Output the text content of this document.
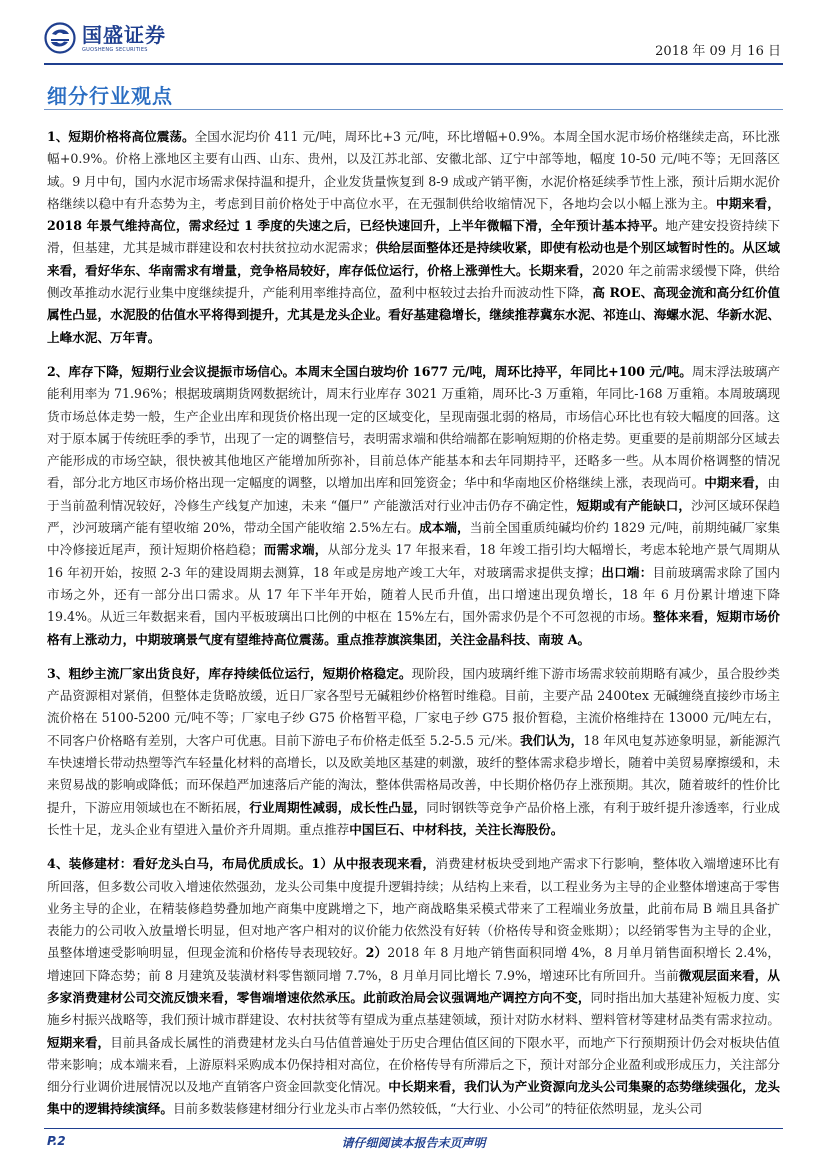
国盛证券
GUOSHENG SECURITIES	2018 年 09 月 16 日
细分行业观点

1、短期价格将高位震荡。全国水泥均价 411 元/吨，周环比+3 元/吨，环比增幅+0.9%。本周全国水泥市场价格继续走高，环比涨幅+0.9%。价格上涨地区主要有山西、山东、贵州，以及江苏北部、安徽北部、辽宁中部等地，幅度 10-50 元/吨不等；无回落区域。9 月中旬，国内水泥市场需求保持温和提升，企业发货量恢复到 8-9 成或产销平衡，水泥价格延续季节性上涨，预计后期水泥价格继续以稳中有升态势为主，考虑到目前价格处于中高位水平，在无强制供给收缩情况下，各地均会以小幅上涨为主。中期来看，2018 年景气维持高位，需求经过 1 季度的失速之后，已经快速回升，上半年微幅下滑，全年预计基本持平。地产建安投资持续下滑，但基建，尤其是城市群建设和农村扶贫拉动水泥需求；供给层面整体还是持续收紧，即使有松动也是个别区域暂时性的。从区域来看，看好华东、华南需求有增量，竞争格局较好，库存低位运行，价格上涨弹性大。长期来看，2020 年之前需求缓慢下降，供给侧改革推动水泥行业集中度继续提升，产能利用率维持高位，盈利中枢较过去抬升而波动性下降，高 ROE、高现金流和高分红价值属性凸显，水泥股的估值水平将得到提升，尤其是龙头企业。看好基建稳增长，继续推荐冀东水泥、祁连山、海螺水泥、华新水泥、上峰水泥、万年青。

2、库存下降，短期行业会议提振市场信心。本周末全国白玻均价 1677 元/吨，周环比持平，年同比+100 元/吨。周末浮法玻璃产能利用率为 71.96%；根据玻璃期货网数据统计，周末行业库存 3021 万重箱，周环比-3 万重箱，年同比-168 万重箱。本周玻璃现货市场总体走势一般，生产企业出库和现货价格出现一定的区域变化，呈现南强北弱的格局，市场信心环比也有较大幅度的回落。这对于原本属于传统旺季的季节，出现了一定的调整信号，表明需求端和供给端都在影响短期的价格走势。更重要的是前期部分区域去产能形成的市场空缺，很快被其他地区产能增加所弥补，目前总体产能基本和去年同期持平，还略多一些。从本周价格调整的情况看，部分北方地区市场价格出现一定幅度的调整，以增加出库和回笼资金；华中和华南地区价格继续上涨，表现尚可。中期来看，由于当前盈利情况较好，冷修生产线复产加速，未来 “僵尸” 产能激活对行业冲击仍存不确定性，短期或有产能缺口，沙河区域环保趋严，沙河玻璃产能有望收缩 20%，带动全国产能收缩 2.5%左右。成本端，当前全国重质纯碱均价约 1829 元/吨，前期纯碱厂家集中冷修接近尾声，预计短期价格趋稳；而需求端，从部分龙头 17 年报来看，18 年竣工指引均大幅增长，考虑本轮地产景气周期从 16 年初开始，按照 2-3 年的建设周期去测算，18 年或是房地产竣工大年，对玻璃需求提供支撑；出口端：目前玻璃需求除了国内市场之外，还有一部分出口需求。从 17 年下半年开始，随着人民币升值，出口增速出现负增长，18 年 6 月份累计增速下降 19.4%。从近三年数据来看，国内平板玻璃出口比例的中枢在 15%左右，国外需求仍是个不可忽视的市场。整体来看，短期市场价格有上涨动力，中期玻璃景气度有望维持高位震荡。重点推荐旗滨集团，关注金晶科技、南玻 A。

3、粗纱主流厂家出货良好，库存持续低位运行，短期价格稳定。现阶段，国内玻璃纤维下游市场需求较前期略有减少，虽合股纱类产品资源相对紧俏，但整体走货略放缓，近日厂家各型号无碱粗纱价格暂时维稳。目前，主要产品 2400tex 无碱缠绕直接纱市场主流价格在 5100-5200 元/吨不等；厂家电子纱 G75 价格暂平稳，厂家电子纱 G75 报价暂稳，主流价格维持在 13000 元/吨左右，不同客户价格略有差别，大客户可优惠。目前下游电子布价格走低至 5.2-5.5 元/米。我们认为，18 年风电复苏迹象明显，新能源汽车快速增长带动热塑等汽车轻量化材料的高增长，以及欧美地区基建的刺激，玻纤的整体需求稳步增长，随着中美贸易摩擦缓和，未来贸易战的影响或降低；而环保趋严加速落后产能的淘汰，整体供需格局改善，中长期价格仍存上涨预期。其次，随着玻纤的性价比提升，下游应用领域也在不断拓展，行业周期性减弱，成长性凸显，同时钢铁等竞争产品价格上涨，有利于玻纤提升渗透率，行业成长性十足，龙头企业有望进入量价齐升周期。重点推荐中国巨石、中材科技，关注长海股份。

4、装修建材：看好龙头白马，布局优质成长。1）从中报表现来看，消费建材板块受到地产需求下行影响，整体收入端增速环比有所回落，但多数公司收入增速依然强劲，龙头公司集中度提升逻辑持续；从结构上来看，以工程业务为主导的企业整体增速高于零售业务主导的企业，在精装修趋势叠加地产商集中度跳增之下，地产商战略集采模式带来了工程端业务放量，此前布局 B 端且具备扩表能力的公司收入放量增长明显，但对地产客户相对的议价能力依然没有好转（价格传导和资金账期）；以经销零售为主导的企业，虽整体增速受影响明显，但现金流和价格传导表现较好。2）2018 年 8 月地产销售面积同增 4%，8 月单月销售面积增长 2.4%，增速回下降态势；前 8 月建筑及装潢材料零售额同增 7.7%，8 月单月同比增长 7.9%，增速环比有所回升。当前微观层面来看，从多家消费建材公司交流反馈来看，零售端增速依然承压。此前政治局会议强调地产调控方向不变，同时指出加大基建补短板力度、实施乡村振兴战略等，我们预计城市群建设、农村扶贫等有望成为重点基建领域，预计对防水材料、塑料管材等建材品类有需求拉动。短期来看，目前具备成长属性的消费建材龙头白马估值普遍处于历史合理估值区间的下限水平，而地产下行预期预计仍会对板块估值带来影响；成本端来看，上游原料采购成本仍保持相对高位，在价格传导有所滞后之下，预计对部分企业盈利或形成压力，关注部分细分行业调价进展情况以及地产直销客户资金回款变化情况。中长期来看，我们认为产业资源向龙头公司集聚的态势继续强化，龙头集中的逻辑持续演绎。目前多数装修建材细分行业龙头市占率仍然较低，“大行业、小公司”的特征依然明显，龙头公司

P.2	请仔细阅读本报告末页声明
